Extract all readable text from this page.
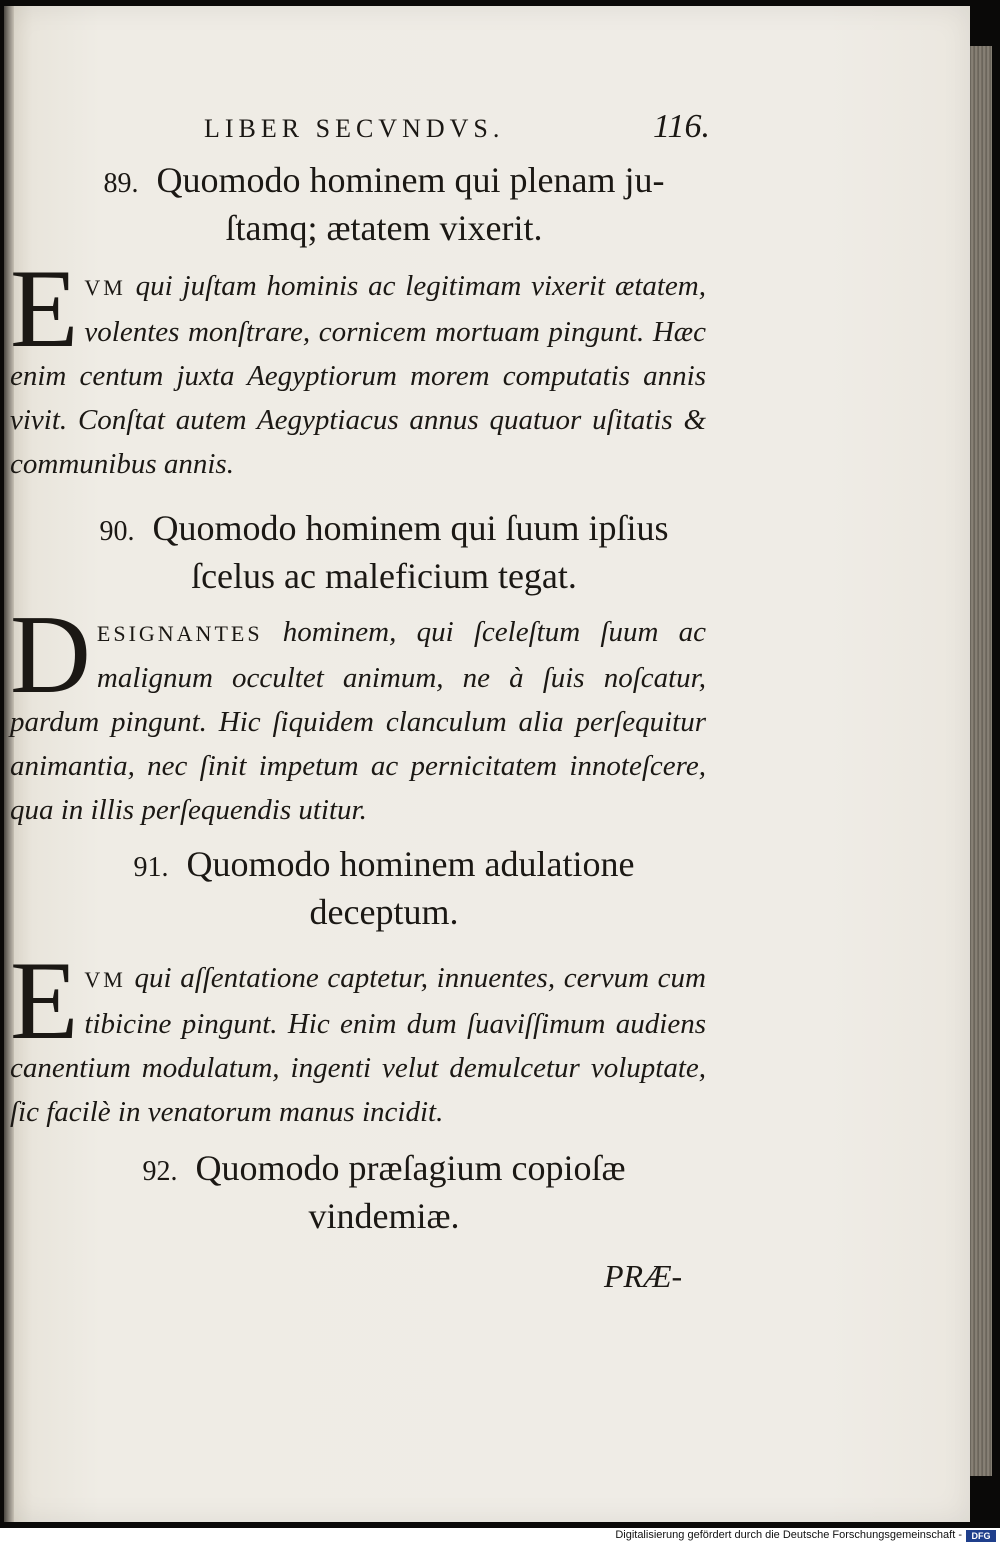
LIBER SECVNDVS.	116.
89. Quomodo hominem qui plenam ju-
ſtamq; ætatem vixerit.
EVM qui juſtam hominis ac legitimam vixerit ætatem, volentes monſtrare, cornicem mortuam pingunt. Hæc enim centum juxta Aegyptiorum morem computatis annis vivit. Conſtat autem Aegyptiacus annus quatuor uſitatis & communibus annis.
90. Quomodo hominem qui ſuum ipſius
ſcelus ac maleficium tegat.
DESIGNANTES hominem, qui ſceleſtum ſuum ac malignum occultet animum, ne à ſuis noſcatur, pardum pingunt. Hic ſiquidem clanculum alia perſequitur animantia, nec ſinit impetum ac pernicitatem innoteſcere, qua in illis perſequendis utitur.
91. Quomodo hominem adulatione
deceptum.
EVM qui aſſentatione captetur, innuentes, cervum cum tibicine pingunt. Hic enim dum ſuaviſſimum audiens canentium modulatum, ingenti velut demulcetur voluptate, ſic facilè in venatorum manus incidit.
92. Quomodo præſagium copioſæ
vindemiæ.
PRÆ-
Digitalisierung gefördert durch die Deutsche Forschungsgemeinschaft -	DFG
